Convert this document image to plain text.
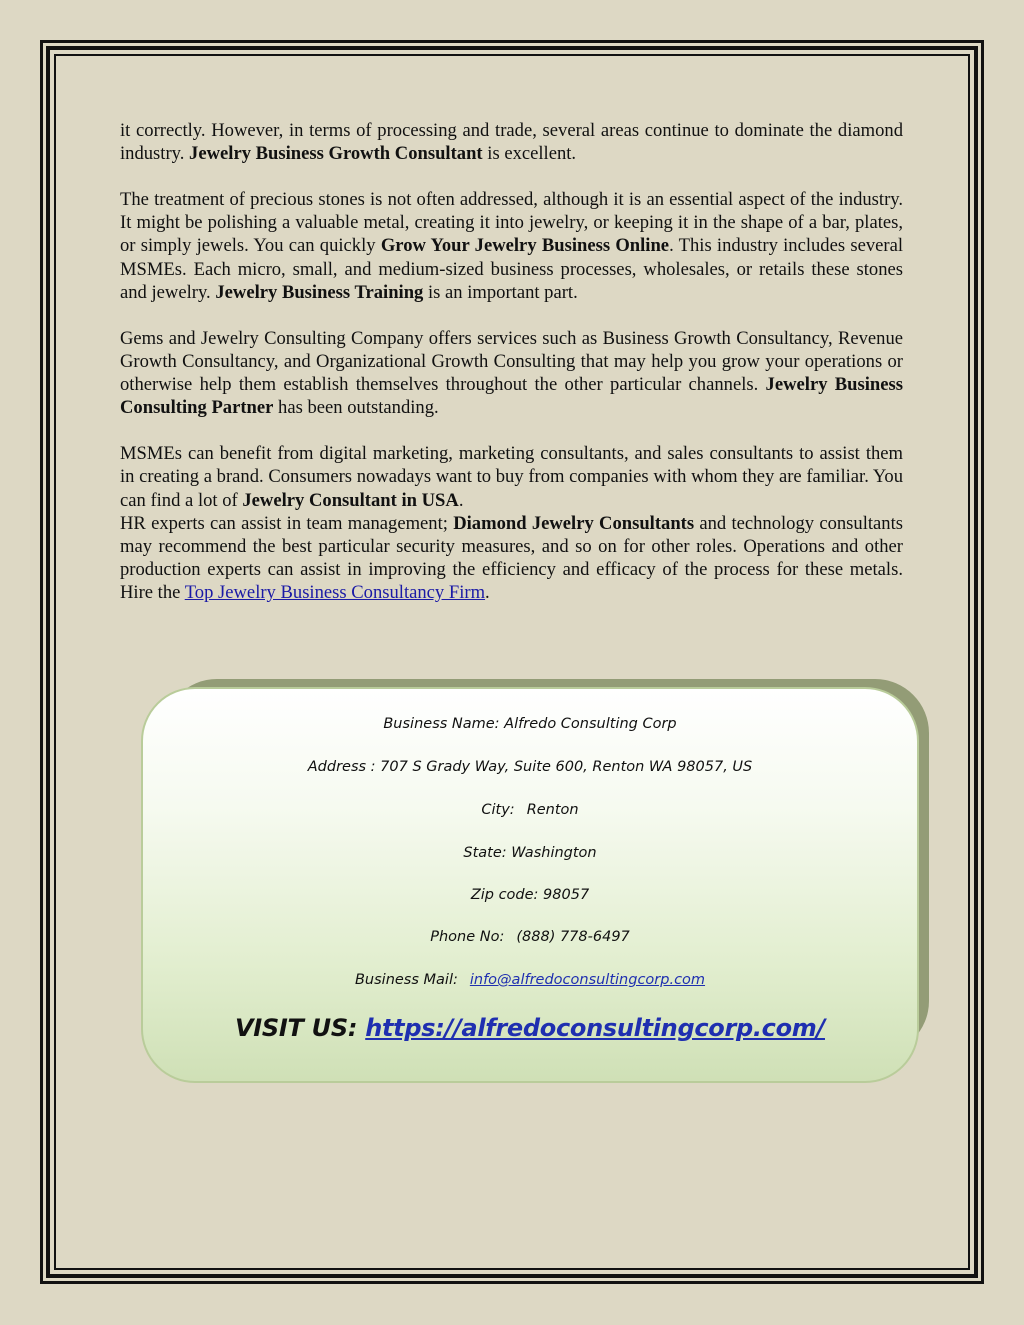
it correctly. However, in terms of processing and trade, several areas continue to dominate the diamond industry. Jewelry Business Growth Consultant is excellent.

The treatment of precious stones is not often addressed, although it is an essential aspect of the industry. It might be polishing a valuable metal, creating it into jewelry, or keeping it in the shape of a bar, plates, or simply jewels. You can quickly Grow Your Jewelry Business Online. This industry includes several MSMEs. Each micro, small, and medium-sized business processes, wholesales, or retails these stones and jewelry. Jewelry Business Training is an important part.

Gems and Jewelry Consulting Company offers services such as Business Growth Consultancy, Revenue Growth Consultancy, and Organizational Growth Consulting that may help you grow your operations or otherwise help them establish themselves throughout the other particular channels. Jewelry Business Consulting Partner has been outstanding.

MSMEs can benefit from digital marketing, marketing consultants, and sales consultants to assist them in creating a brand. Consumers nowadays want to buy from companies with whom they are familiar. You can find a lot of Jewelry Consultant in USA.

HR experts can assist in team management; Diamond Jewelry Consultants and technology consultants may recommend the best particular security measures, and so on for other roles. Operations and other production experts can assist in improving the efficiency and efficacy of the process for these metals. Hire the Top Jewelry Business Consultancy Firm.

Business Name: Alfredo Consulting Corp
Address : 707 S Grady Way, Suite 600, Renton WA 98057, US
City: Renton
State: Washington
Zip code: 98057
Phone No: (888) 778-6497
Business Mail: info@alfredoconsultingcorp.com
VISIT US: https://alfredoconsultingcorp.com/
